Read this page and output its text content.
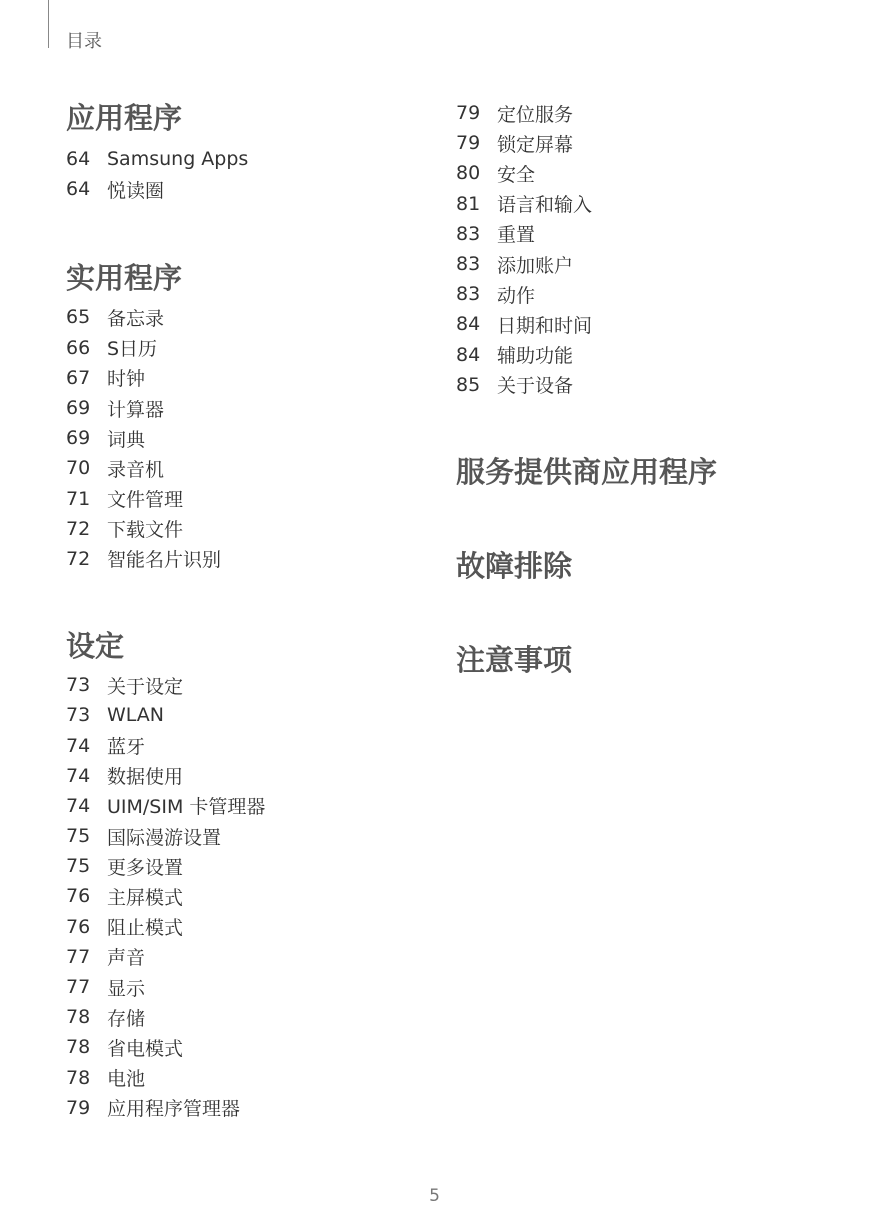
目录
应用程序
64 Samsung Apps
64 悦读圈
实用程序
65 备忘录
66 S日历
67 时钟
69 计算器
69 词典
70 录音机
71 文件管理
72 下载文件
72 智能名片识别
设定
73 关于设定
73 WLAN
74 蓝牙
74 数据使用
74 UIM/SIM 卡管理器
75 国际漫游设置
75 更多设置
76 主屏模式
76 阻止模式
77 声音
77 显示
78 存储
78 省电模式
78 电池
79 应用程序管理器
79 定位服务
79 锁定屏幕
80 安全
81 语言和输入
83 重置
83 添加账户
83 动作
84 日期和时间
84 辅助功能
85 关于设备
服务提供商应用程序
故障排除
注意事项
5
